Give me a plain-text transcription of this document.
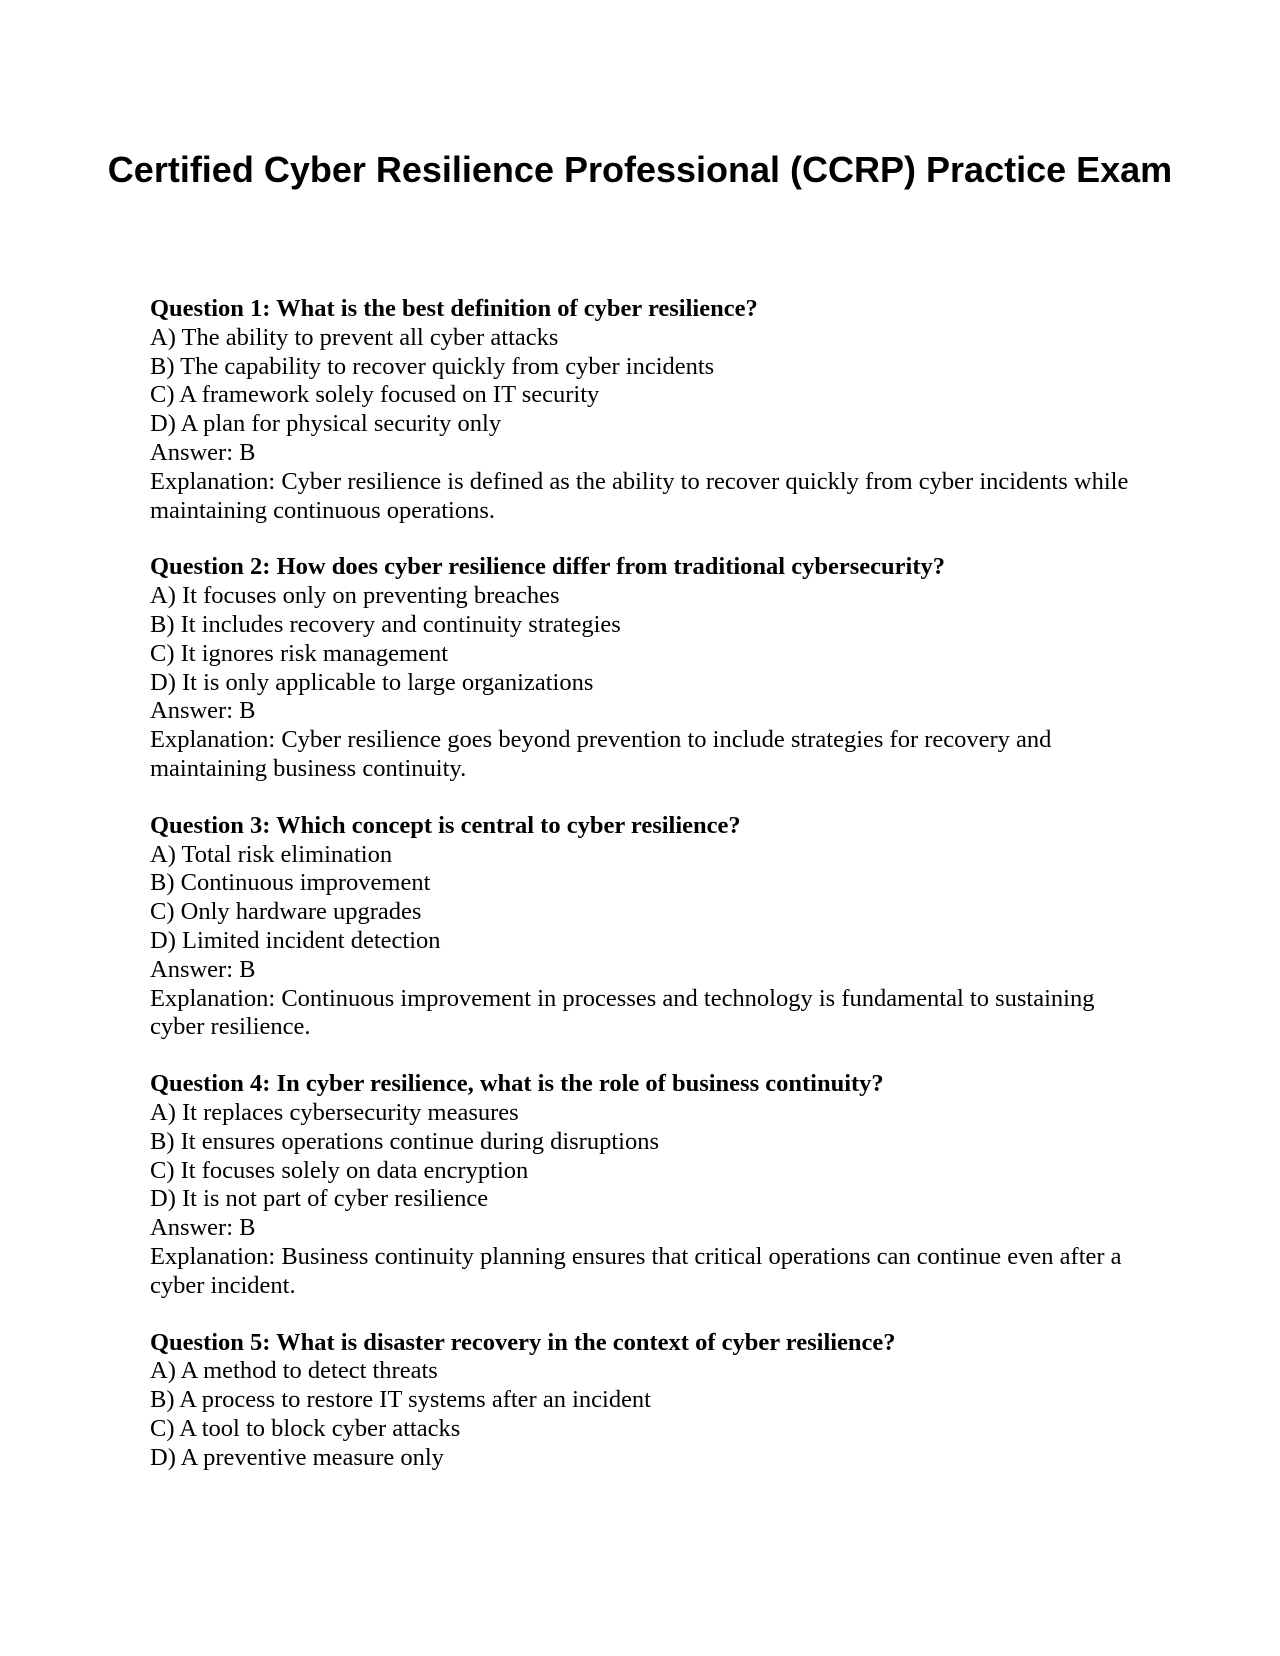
Certified Cyber Resilience Professional (CCRP) Practice Exam

Question 1: What is the best definition of cyber resilience?

A) The ability to prevent all cyber attacks
B) The capability to recover quickly from cyber incidents
C) A framework solely focused on IT security
D) A plan for physical security only

Answer: B

Explanation: Cyber resilience is defined as the ability to recover quickly from cyber incidents while maintaining continuous operations.

Question 2: How does cyber resilience differ from traditional cybersecurity?

A) It focuses only on preventing breaches
B) It includes recovery and continuity strategies
C) It ignores risk management
D) It is only applicable to large organizations

Answer: B

Explanation: Cyber resilience goes beyond prevention to include strategies for recovery and maintaining business continuity.

Question 3: Which concept is central to cyber resilience?

A) Total risk elimination
B) Continuous improvement
C) Only hardware upgrades
D) Limited incident detection

Answer: B

Explanation: Continuous improvement in processes and technology is fundamental to sustaining cyber resilience.

Question 4: In cyber resilience, what is the role of business continuity?

A) It replaces cybersecurity measures
B) It ensures operations continue during disruptions
C) It focuses solely on data encryption
D) It is not part of cyber resilience

Answer: B

Explanation: Business continuity planning ensures that critical operations can continue even after a cyber incident.

Question 5: What is disaster recovery in the context of cyber resilience?

A) A method to detect threats
B) A process to restore IT systems after an incident
C) A tool to block cyber attacks
D) A preventive measure only
